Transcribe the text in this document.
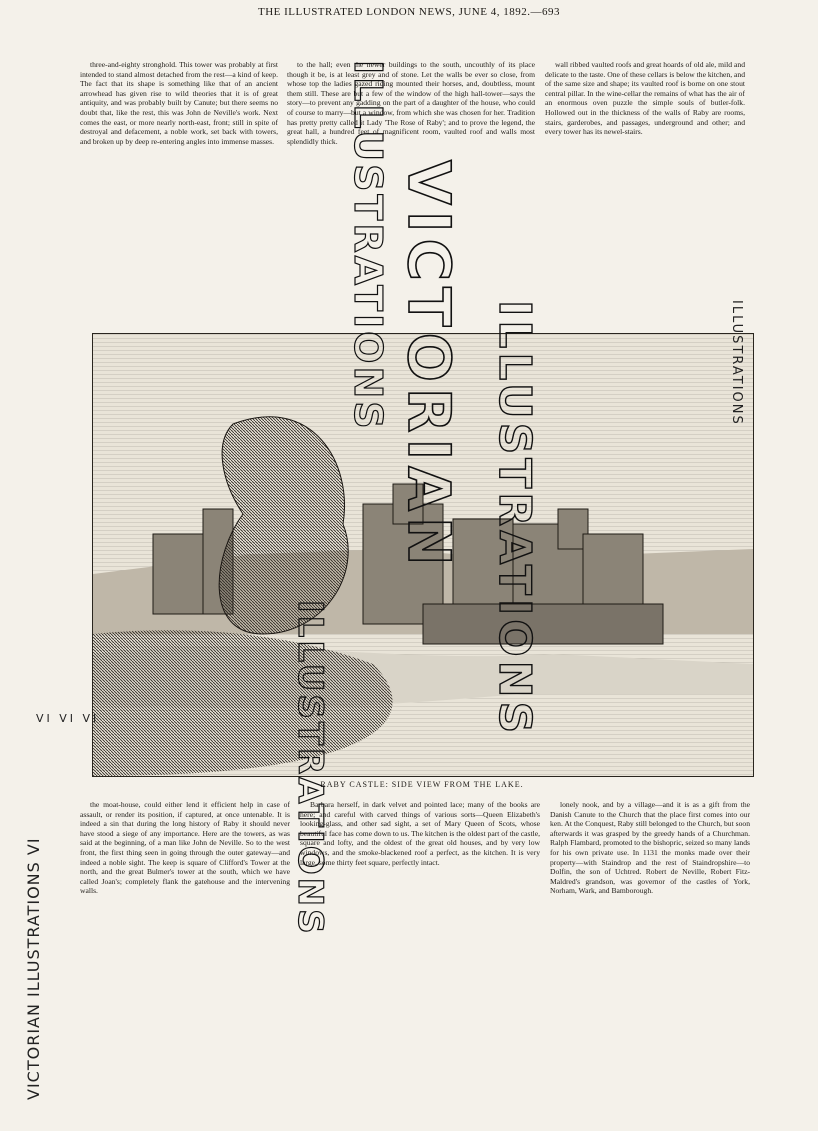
THE ILLUSTRATED LONDON NEWS, JUNE 4, 1892.—693

three-and-eighty stronghold. This tower was probably at first intended to stand almost detached from the rest—a kind of keep. The fact that its shape is something like that of an ancient arrowhead has given rise to wild theories that it is of great antiquity, and was probably built by Canute; but there seems no doubt that, like the rest, this was John de Neville's work. Next comes the east, or more nearly north-east, front; still in spite of destroyal and defacement, a noble work, set back with towers, and broken up by deep re-entering angles into immense masses.

to the hall; even the newer buildings to the south, uncouthly of its place though it be, is at least grey and of stone. Let the walls be ever so close, from whose top the ladies gazed riding mounted their horses, and, doubtless, mount them still. These are but a few of the window of the high hall-tower—says the story—to prevent any gadding on the part of a daughter of the house, who could of course to marry—but a window, from which she was chosen for her. Tradition has pretty pretty called it Lady 'The Rose of Raby'; and to prove the legend, the great hall, a hundred feet of magnificent room, vaulted roof and walls most splendidly thick.

wall ribbed vaulted roofs and great hoards of old ale, mild and delicate to the taste. One of these cellars is below the kitchen, and of the same size and shape; its vaulted roof is borne on one stout central pillar. In the wine-cellar the remains of what has the air of an enormous oven puzzle the simple souls of butler-folk. Hollowed out in the thickness of the walls of Raby are rooms, stairs, garderobes, and passages, underground and other; and every tower has its newel-stairs.

RABY CASTLE: SIDE VIEW FROM THE LAKE.

the moat-house, could either lend it efficient help in case of assault, or render its position, if captured, at once untenable. It is indeed a sin that during the long history of Raby it should never have stood a siege of any importance. Here are the towers, as was said at the beginning, of a man like John de Neville. So to the west front, the first thing seen in going through the outer gateway—and indeed a noble sight. The keep is square of Clifford's Tower at the north, and the great Bulmer's tower at the south, which we have called Joan's; completely flank the gatehouse and the intervening walls.

Barbara herself, in dark velvet and pointed lace; many of the books are here; and careful with carved things of various sorts—Queen Elizabeth's looking-glass, and other sad sight, a set of Mary Queen of Scots, whose beautiful face has come down to us. The kitchen is the oldest part of the castle, square and lofty, and the oldest of the great old houses, and by very low windows, and the smoke-blackened roof a perfect, as the kitchen. It is very large, some thirty feet square, perfectly intact.

lonely nook, and by a village—and it is as a gift from the Danish Canute to the Church that the place first comes into our ken. At the Conquest, Raby still belonged to the Church, but soon afterwards it was grasped by the greedy hands of a Churchman. Ralph Flambard, promoted to the bishopric, seized so many lands for his own private use. In 1131 the monks made over their property—with Staindrop and the rest of Staindropshire—to Dolfin, the son of Uchtred. Robert de Neville, Robert Fitz-Maldred's grandson, was governor of the castles of York, Norham, Wark, and Bamborough.

VICTORIAN ILLUSTRATIONS
ILLUSTRATIONS
ILLUSTRATIONS
VICTORIAN ILLUSTRATIONS VI
ILLUSTRATIONS
VI VI VI
